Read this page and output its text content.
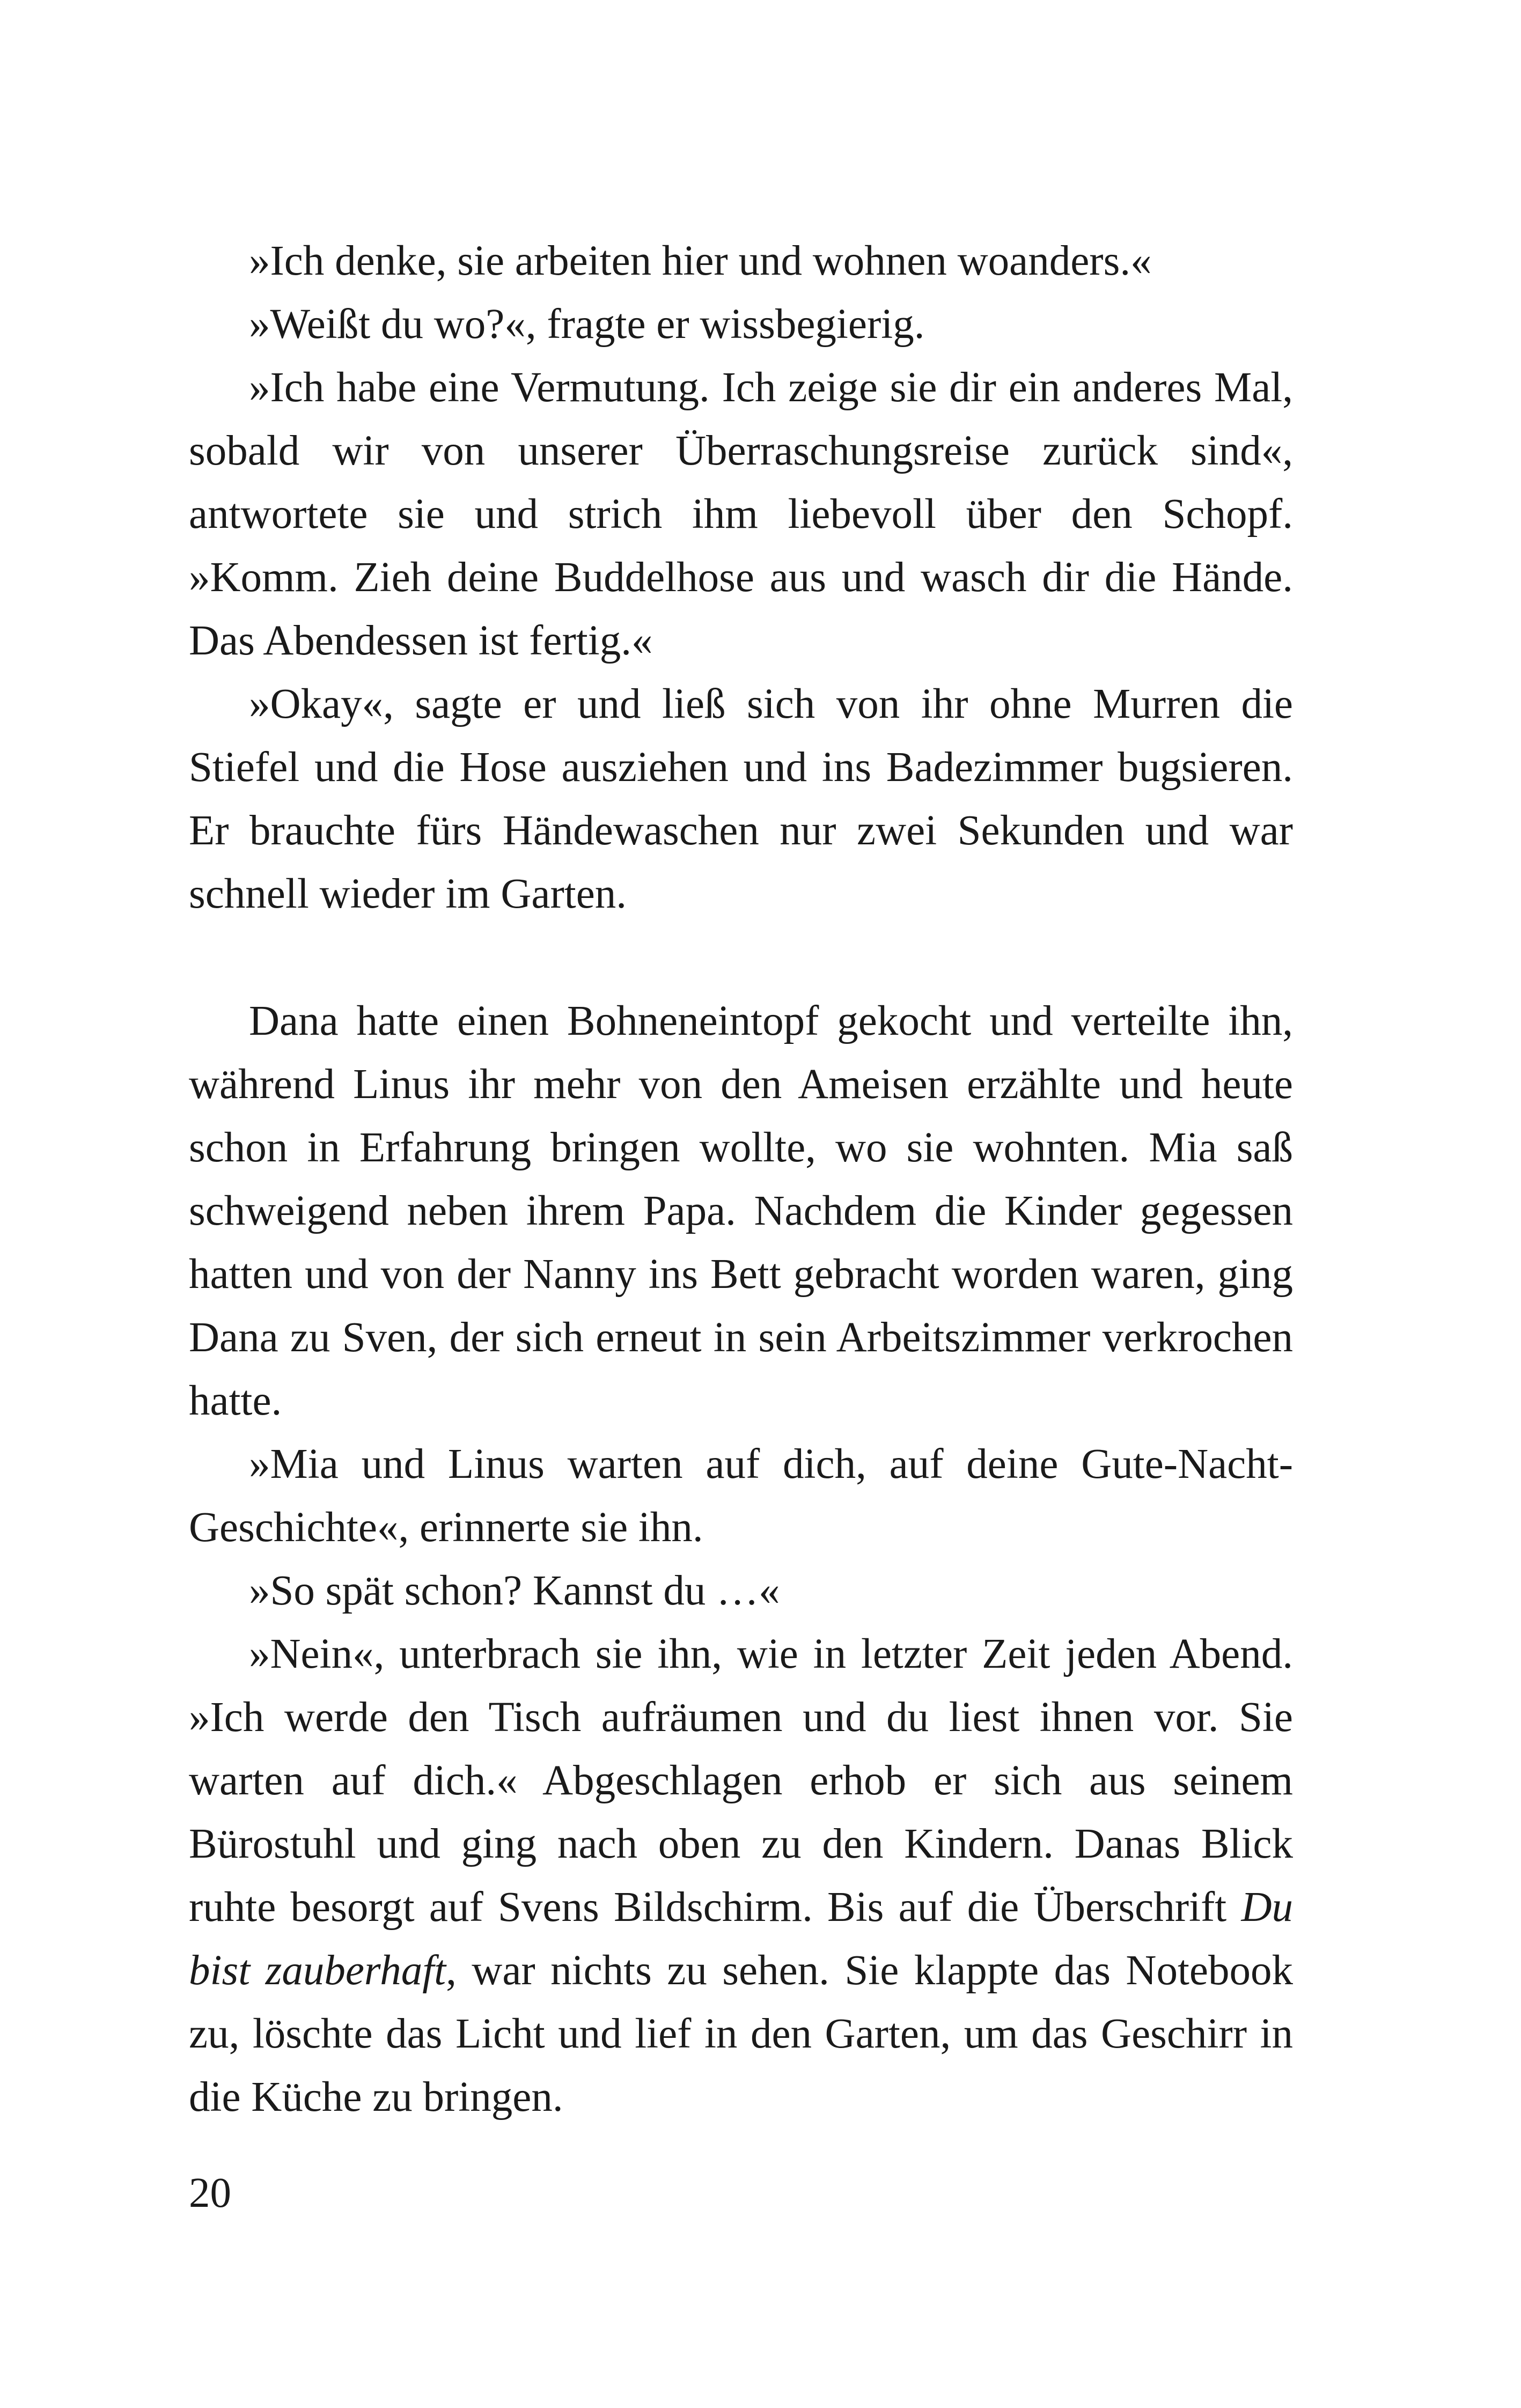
»Ich denke, sie arbeiten hier und wohnen woanders.«

»Weißt du wo?«, fragte er wissbegierig.

»Ich habe eine Vermutung. Ich zeige sie dir ein anderes Mal, sobald wir von unserer Überraschungsreise zurück sind«, antwortete sie und strich ihm liebevoll über den Schopf. »Komm. Zieh deine Buddelhose aus und wasch dir die Hände. Das Abendessen ist fertig.«

»Okay«, sagte er und ließ sich von ihr ohne Murren die Stiefel und die Hose ausziehen und ins Badezimmer bugsieren. Er brauchte fürs Händewaschen nur zwei Sekunden und war schnell wieder im Garten.

Dana hatte einen Bohneneintopf gekocht und verteilte ihn, während Linus ihr mehr von den Ameisen erzählte und heute schon in Erfahrung bringen wollte, wo sie wohnten. Mia saß schweigend neben ihrem Papa. Nachdem die Kinder gegessen hatten und von der Nanny ins Bett gebracht worden waren, ging Dana zu Sven, der sich erneut in sein Arbeitszimmer verkrochen hatte.

»Mia und Linus warten auf dich, auf deine Gute-Nacht-Geschichte«, erinnerte sie ihn.

»So spät schon? Kannst du …«

»Nein«, unterbrach sie ihn, wie in letzter Zeit jeden Abend. »Ich werde den Tisch aufräumen und du liest ihnen vor. Sie warten auf dich.« Abgeschlagen erhob er sich aus seinem Bürostuhl und ging nach oben zu den Kindern. Danas Blick ruhte besorgt auf Svens Bildschirm. Bis auf die Überschrift Du bist zauberhaft, war nichts zu sehen. Sie klappte das Notebook zu, löschte das Licht und lief in den Garten, um das Geschirr in die Küche zu bringen.

20
